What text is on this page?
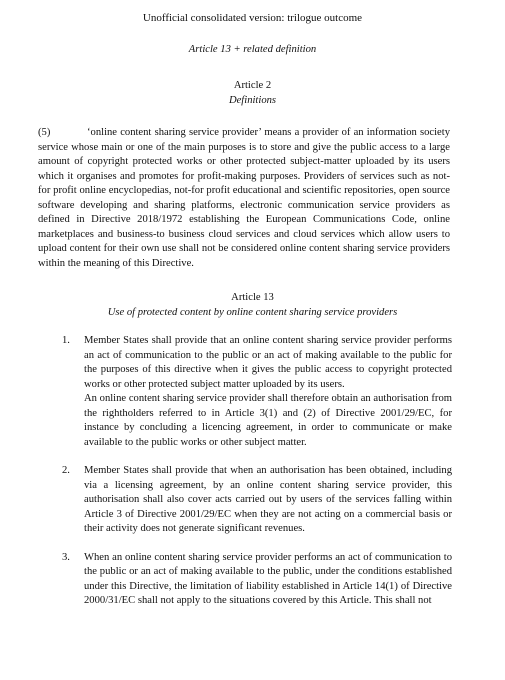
Unofficial consolidated version: trilogue outcome
Article 13 + related definition
Article 2
Definitions
(5)	‘online content sharing service provider’ means a provider of an information society service whose main or one of the main purposes is to store and give the public access to a large amount of copyright protected works or other protected subject-matter uploaded by its users which it organises and promotes for profit-making purposes. Providers of services such as not-for profit online encyclopedias, not-for profit educational and scientific repositories, open source software developing and sharing platforms, electronic communication service providers as defined in Directive 2018/1972 establishing the European Communications Code, online marketplaces and business-to business cloud services and cloud services which allow users to upload content for their own use shall not be considered online content sharing service providers within the meaning of this Directive.
Article 13
Use of protected content by online content sharing service providers
1. Member States shall provide that an online content sharing service provider performs an act of communication to the public or an act of making available to the public for the purposes of this directive when it gives the public access to copyright protected works or other protected subject matter uploaded by its users.

An online content sharing service provider shall therefore obtain an authorisation from the rightholders referred to in Article 3(1) and (2) of Directive 2001/29/EC, for instance by concluding a licencing agreement, in order to communicate or make available to the public works or other subject matter.

2. Member States shall provide that when an authorisation has been obtained, including via a licensing agreement, by an online content sharing service provider, this authorisation shall also cover acts carried out by users of the services falling within Article 3 of Directive 2001/29/EC when they are not acting on a commercial basis or their activity does not generate significant revenues.

3. When an online content sharing service provider performs an act of communication to the public or an act of making available to the public, under the conditions established under this Directive, the limitation of liability established in Article 14(1) of Directive 2000/31/EC shall not apply to the situations covered by this Article. This shall not
